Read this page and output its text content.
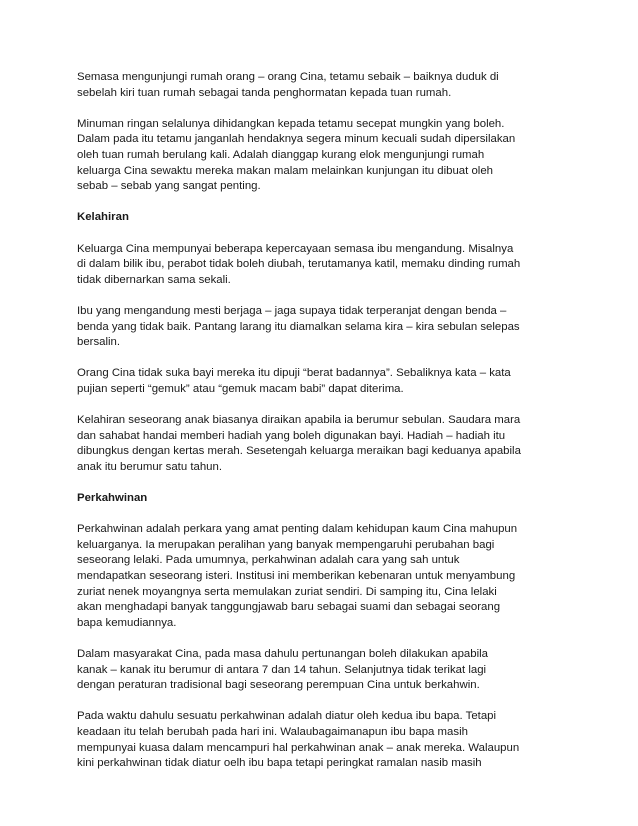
Semasa mengunjungi rumah orang – orang Cina, tetamu sebaik – baiknya duduk di
sebelah kiri tuan rumah sebagai tanda penghormatan kepada tuan rumah.

Minuman ringan selalunya dihidangkan kepada tetamu secepat mungkin yang boleh.
Dalam pada itu tetamu janganlah hendaknya segera minum kecuali sudah dipersilakan
oleh tuan rumah berulang kali. Adalah dianggap kurang elok mengunjungi rumah
keluarga Cina sewaktu mereka makan malam melainkan kunjungan itu dibuat oleh
sebab – sebab yang sangat penting.

Kelahiran

Keluarga Cina mempunyai beberapa kepercayaan semasa ibu mengandung. Misalnya
di dalam bilik ibu, perabot tidak boleh diubah, terutamanya katil, memaku dinding rumah
tidak dibernarkan sama sekali.

Ibu yang mengandung mesti berjaga – jaga supaya tidak terperanjat dengan benda –
benda yang tidak baik. Pantang larang itu diamalkan selama kira – kira sebulan selepas
bersalin.

Orang Cina tidak suka bayi mereka itu dipuji “berat badannya”. Sebaliknya kata – kata
pujian seperti “gemuk” atau “gemuk macam babi” dapat diterima.

Kelahiran seseorang anak biasanya diraikan apabila ia berumur sebulan. Saudara mara
dan sahabat handai memberi hadiah yang boleh digunakan bayi. Hadiah – hadiah itu
dibungkus dengan kertas merah. Sesetengah keluarga meraikan bagi keduanya apabila
anak itu berumur satu tahun.

Perkahwinan

Perkahwinan adalah perkara yang amat penting dalam kehidupan kaum Cina mahupun
keluarganya. Ia merupakan peralihan yang banyak mempengaruhi perubahan bagi
seseorang lelaki. Pada umumnya, perkahwinan adalah cara yang sah untuk
mendapatkan seseorang isteri. Institusi ini memberikan kebenaran untuk menyambung
zuriat nenek moyangnya serta memulakan zuriat sendiri. Di samping itu, Cina lelaki
akan menghadapi banyak tanggungjawab baru sebagai suami dan sebagai seorang
bapa kemudiannya.

Dalam masyarakat Cina, pada masa dahulu pertunangan boleh dilakukan apabila
kanak – kanak itu berumur di antara 7 dan 14 tahun. Selanjutnya tidak terikat lagi
dengan peraturan tradisional bagi seseorang perempuan Cina untuk berkahwin.

Pada waktu dahulu sesuatu perkahwinan adalah diatur oleh kedua ibu bapa. Tetapi
keadaan itu telah berubah pada hari ini. Walaubagaimanapun ibu bapa masih
mempunyai kuasa dalam mencampuri hal perkahwinan anak – anak mereka. Walaupun
kini perkahwinan tidak diatur oelh ibu bapa tetapi peringkat ramalan nasib masih
